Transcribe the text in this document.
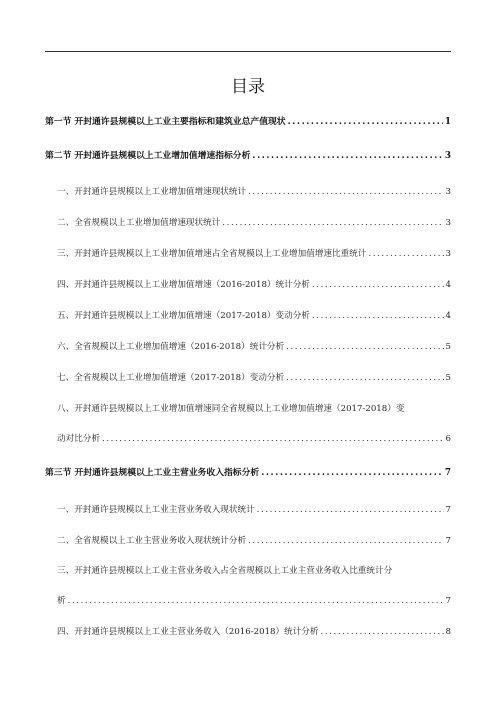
目录
第一节 开封通许县规模以上工业主要指标和建筑业总产值现状 .....	1
第二节 开封通许县规模以上工业增加值增速指标分析 .....	3
一、开封通许县规模以上工业增加值增速现状统计 .....	3
二、全省规模以上工业增加值增速现状统计 .....	3
三、开封通许县规模以上工业增加值增速占全省规模以上工业增加值增速比重统计 .....	3
四、开封通许县规模以上工业增加值增速（2016-2018）统计分析 .....	4
五、开封通许县规模以上工业增加值增速（2017-2018）变动分析 .....	4
六、全省规模以上工业增加值增速（2016-2018）统计分析 .....	5
七、全省规模以上工业增加值增速（2017-2018）变动分析 .....	5
八、开封通许县规模以上工业增加值增速同全省规模以上工业增加值增速（2017-2018）变
动对比分析 .....	6
第三节 开封通许县规模以上工业主营业务收入指标分析 .....	7
一、开封通许县规模以上工业主营业务收入现状统计 .....	7
二、全省规模以上工业主营业务收入现状统计分析 .....	7
三、开封通许县规模以上工业主营业务收入占全省规模以上工业主营业务收入比重统计分
析 .....	7
四、开封通许县规模以上工业主营业务收入（2016-2018）统计分析 .....	8
